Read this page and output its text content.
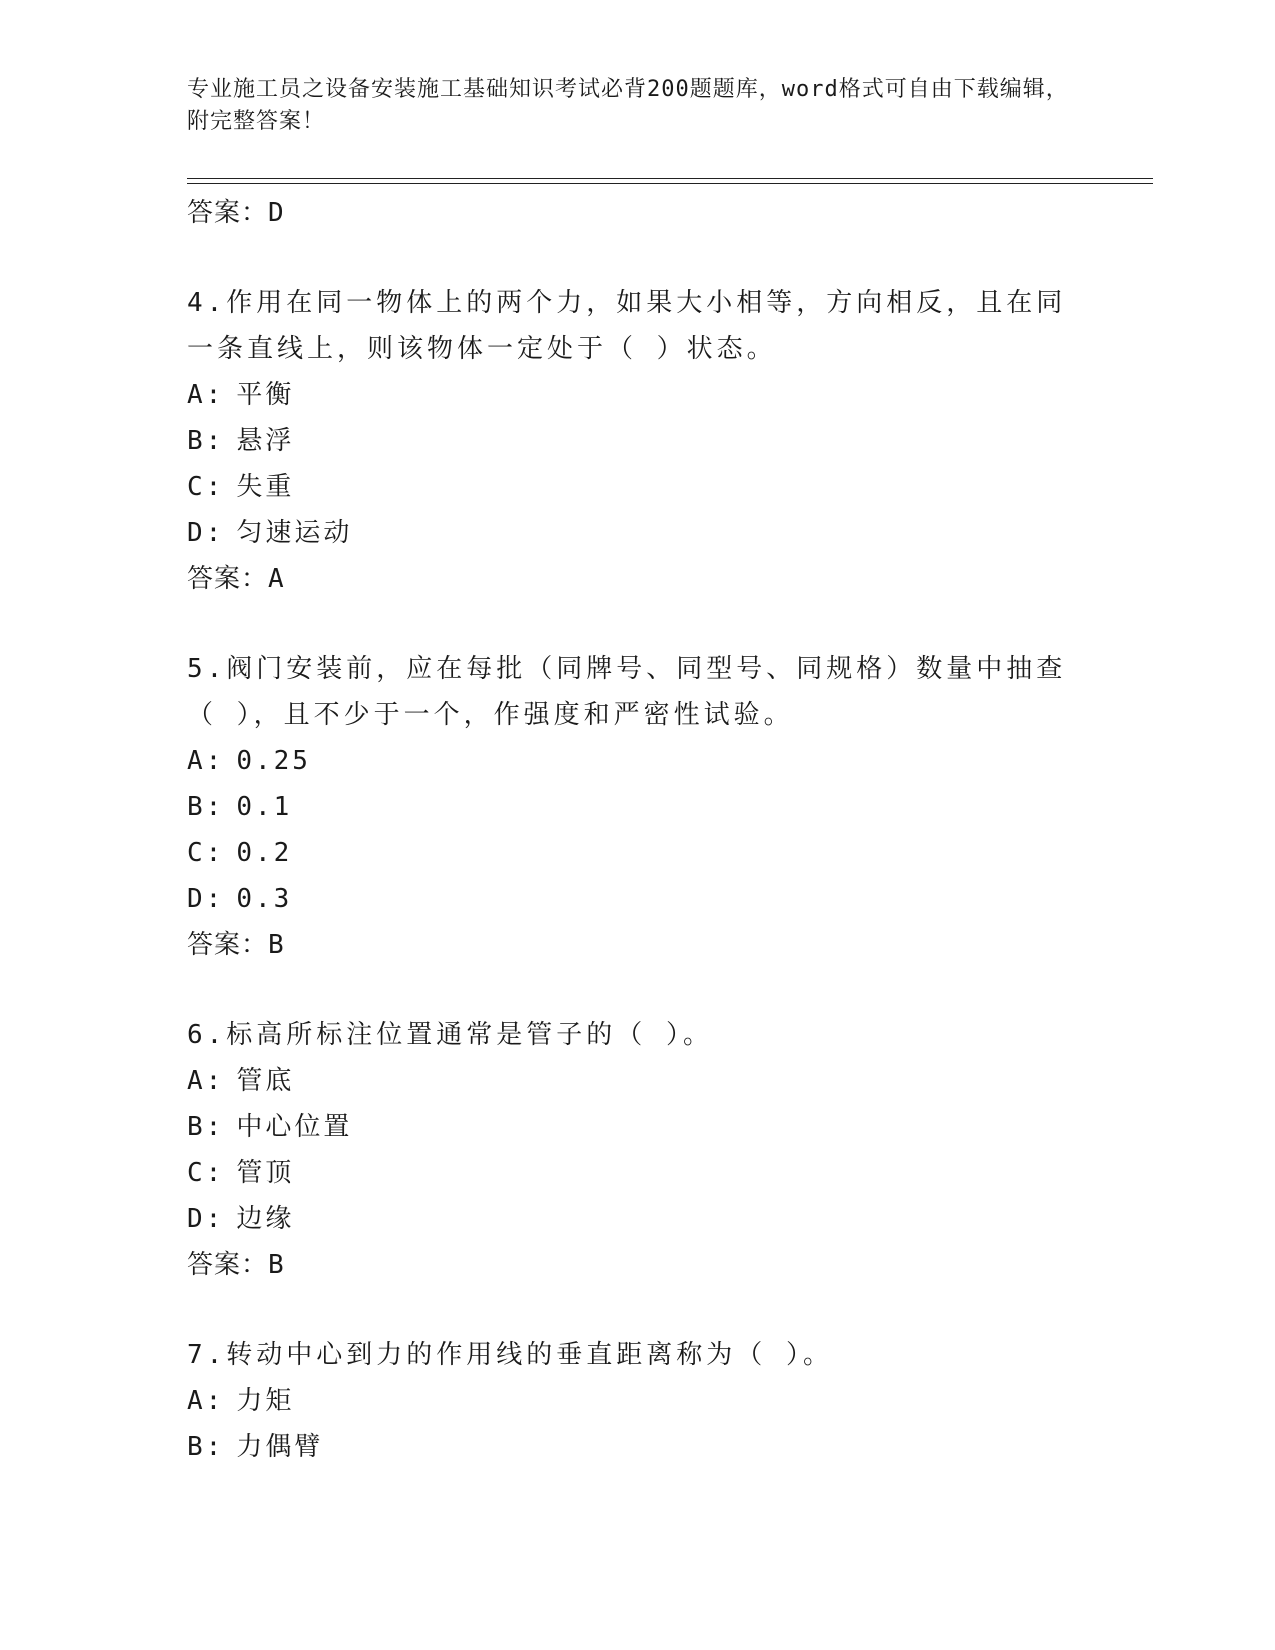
专业施工员之设备安装施工基础知识考试必背200题题库，word格式可自由下载编辑，附完整答案！
答案：D
4.作用在同一物体上的两个力，如果大小相等，方向相反，且在同一条直线上，则该物体一定处于（ ）状态。
A: 平衡
B: 悬浮
C: 失重
D: 匀速运动
答案：A
5.阀门安装前，应在每批（同牌号、同型号、同规格）数量中抽查（ ），且不少于一个，作强度和严密性试验。
A: 0.25
B: 0.1
C: 0.2
D: 0.3
答案：B
6.标高所标注位置通常是管子的（ ）。
A: 管底
B: 中心位置
C: 管顶
D: 边缘
答案：B
7.转动中心到力的作用线的垂直距离称为（ ）。
A: 力矩
B: 力偶臂
